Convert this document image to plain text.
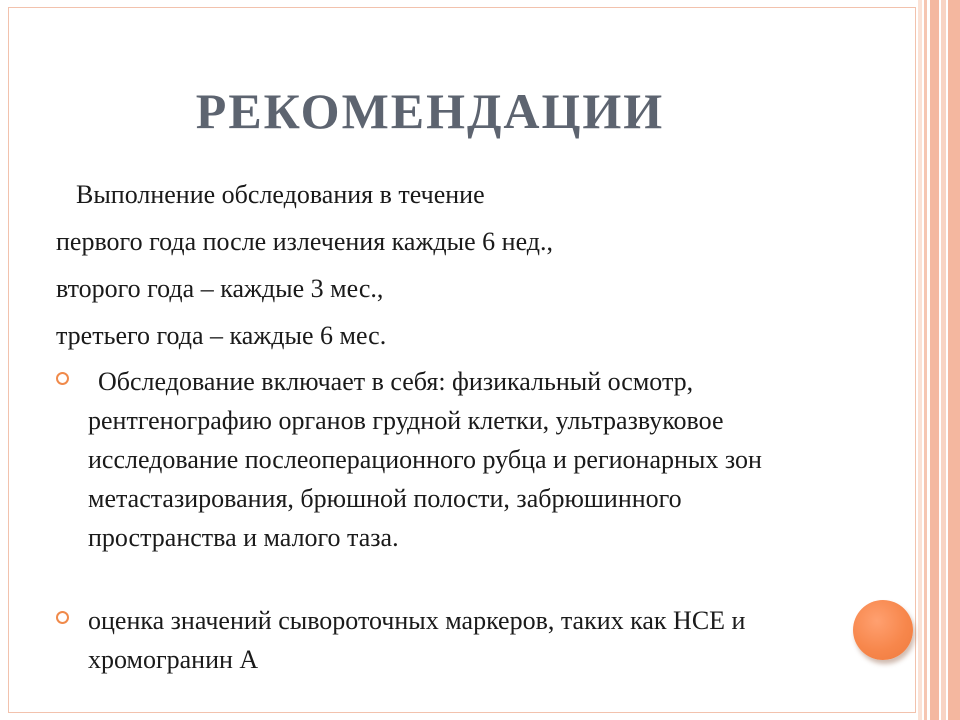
РЕКОМЕНДАЦИИ

Выполнение обследования в течение

первого года после излечения каждые 6 нед.,

второго года – каждые 3 мес.,

третьего года – каждые 6 мес.

Обследование включает в себя: физикальный осмотр, рентгенографию органов грудной клетки, ультразвуковое исследование послеоперационного рубца и регионарных зон метастазирования, брюшной полости, забрюшинного пространства и малого таза.
оценка значений сывороточных маркеров, таких как НСЕ и хромогранин А
